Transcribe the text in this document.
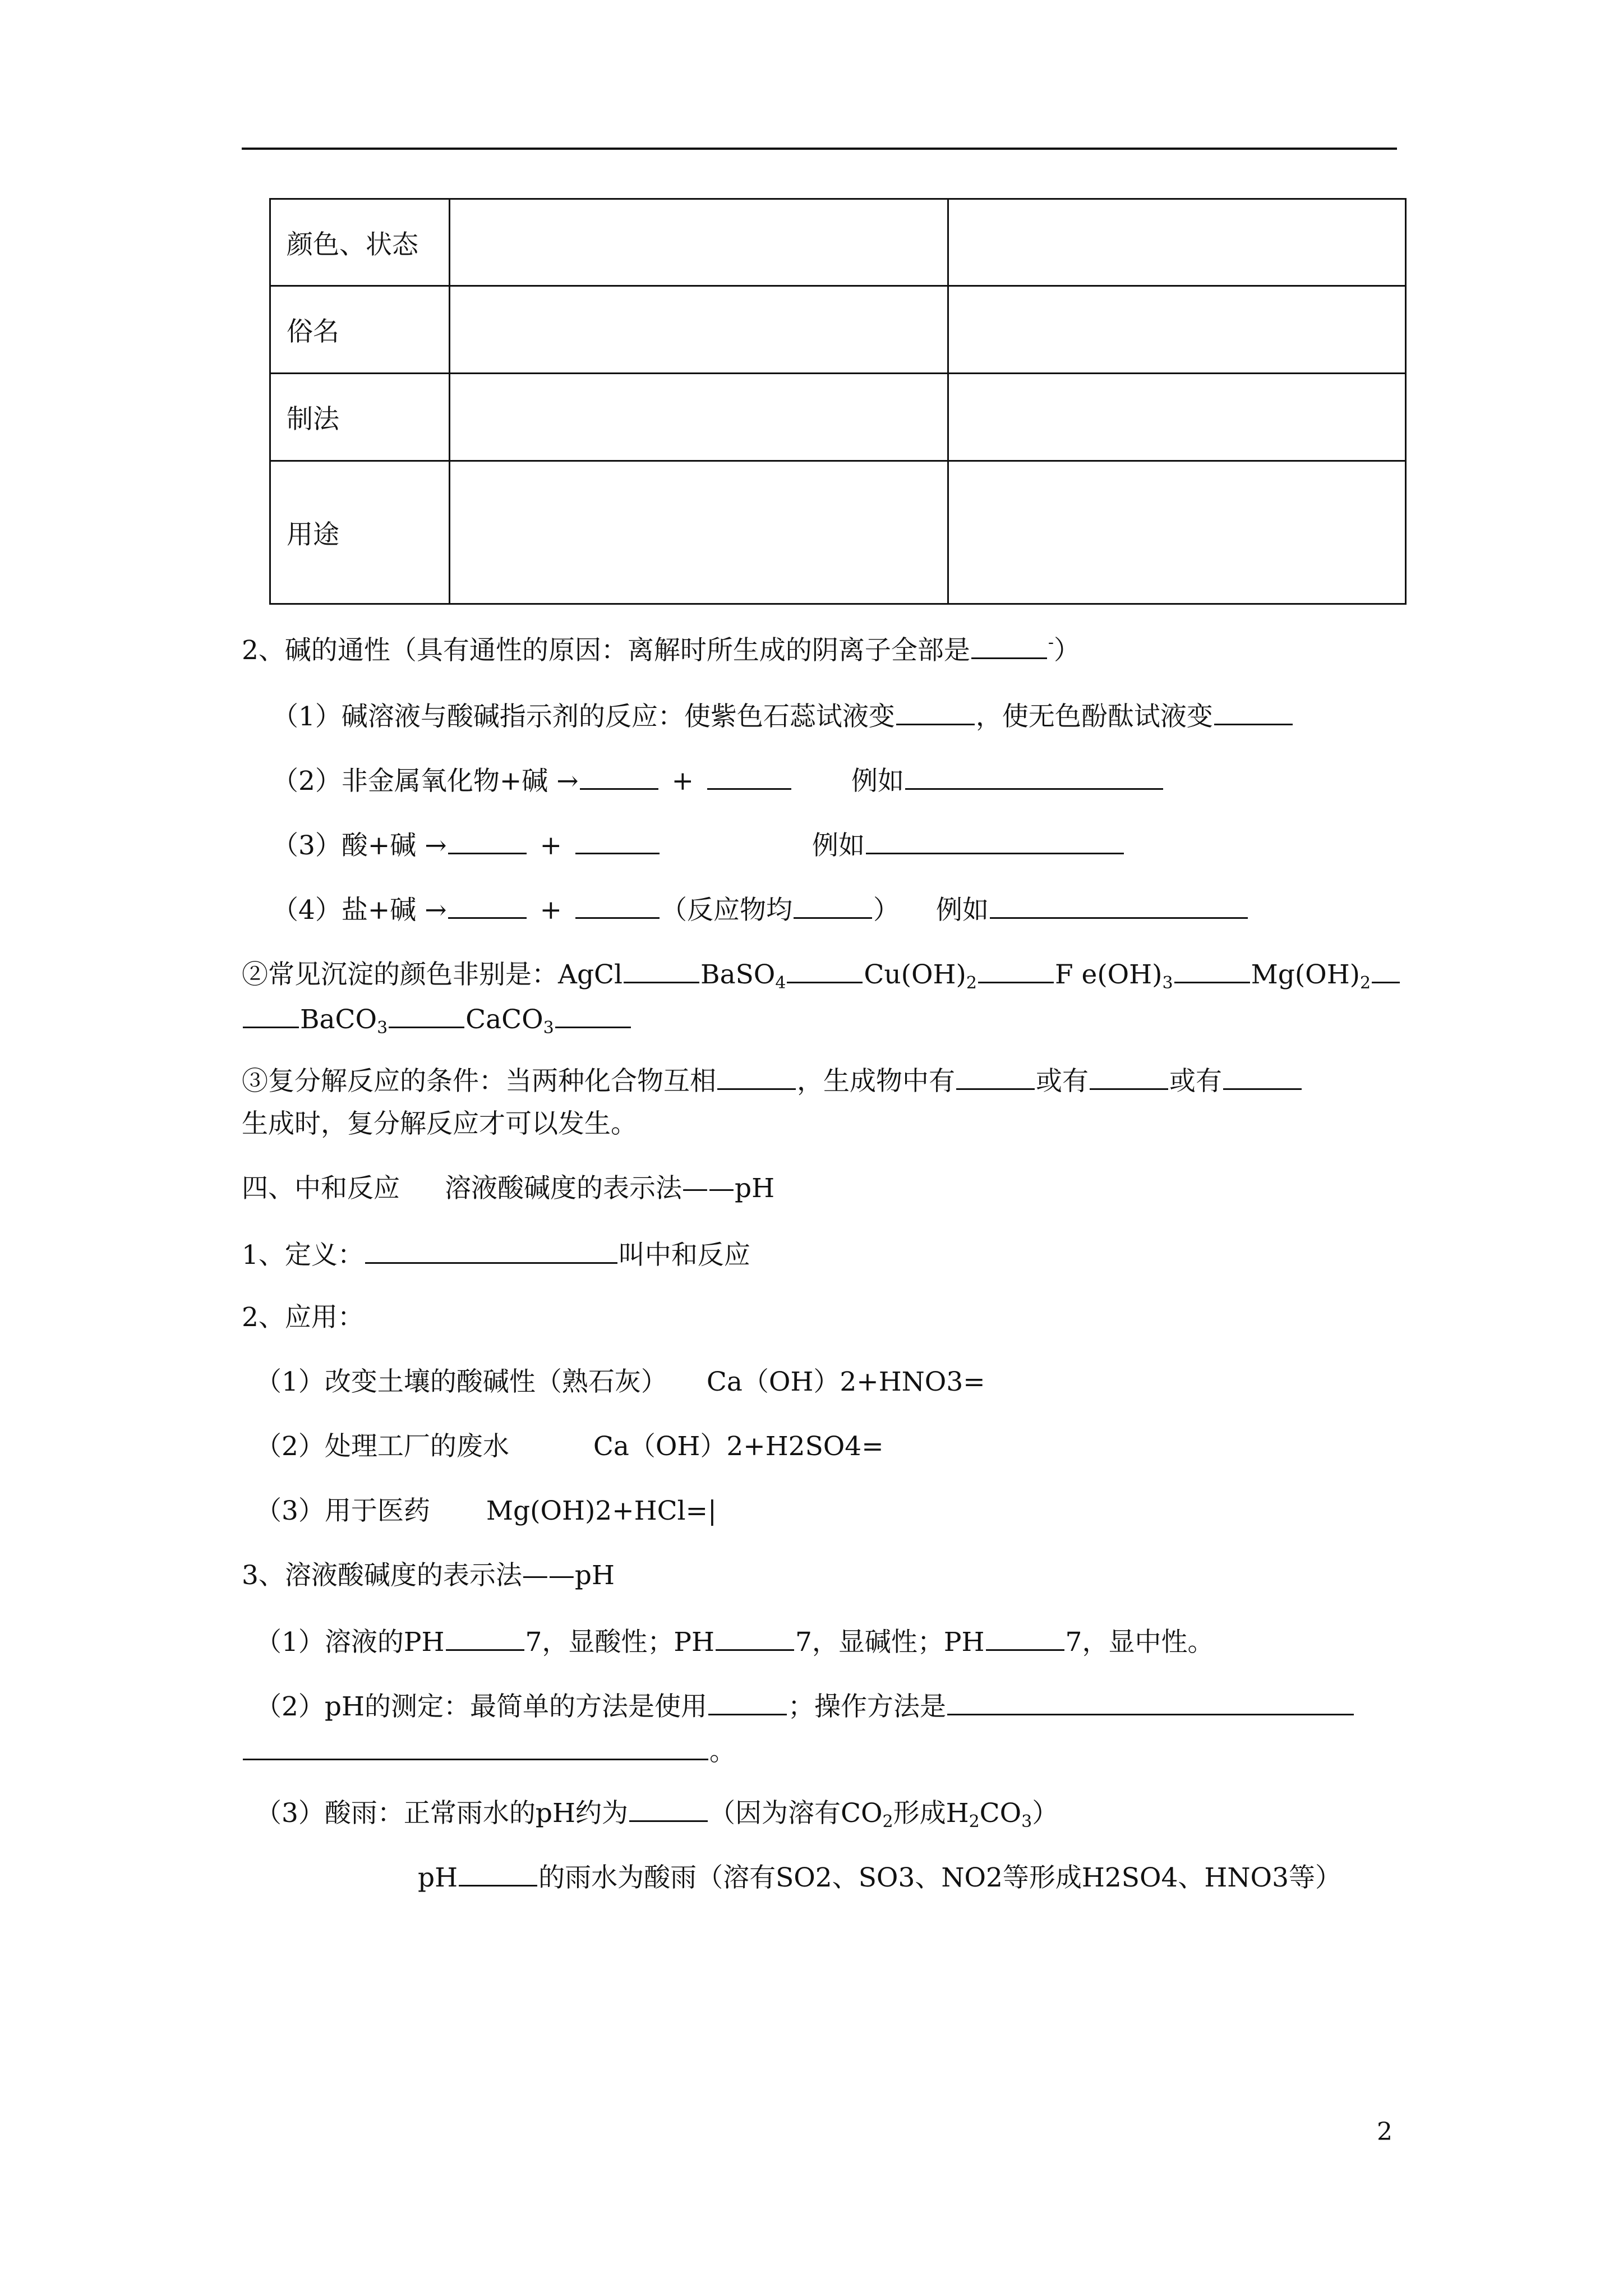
颜色、状态		
俗名		
制法		
用途		
2、碱的通性（具有通性的原因：离解时所生成的阴离子全部是	-）
（1）碱溶液与酸碱指示剂的反应：使紫色石蕊试液变	，使无色酚酞试液变
（2）非金属氧化物+碱 →	+	例如
（3）酸+碱 →	+	例如
（4）盐+碱 →	+	（反应物均	） 例如
②常见沉淀的颜色非别是：AgCl	BaSO$_4$	$Cu(OH)_2$	F $e(OH)_3$	$Mg(OH)_2$
BaCO$_3$	CaCO$_3$
③复分解反应的条件：当两种化合物互相	，生成物中有	或有	或有
生成时，复分解反应才可以发生。
四、中和反应 溶液酸碱度的表示法——pH
1、定义：	叫中和反应
2、应用：
（1）改变土壤的酸碱性（熟石灰） Ca（OH）2+HNO3=
（2）处理工厂的废水	Ca（OH）2+H2SO4=
（3）用于医药 Mg(OH)2+HCl=|
3、溶液酸碱度的表示法——pH
（1）溶液的PH	7，显酸性；PH	7，显碱性；PH	7，显中性。
（2）pH的测定：最简单的方法是使用	；操作方法是
。
（3）酸雨：正常雨水的pH约为	（因为溶有$CO_2$形成$H_2CO_3$）
pH	的雨水为酸雨（溶有SO2、SO3、NO2等形成H2SO4、HNO3等）
2
